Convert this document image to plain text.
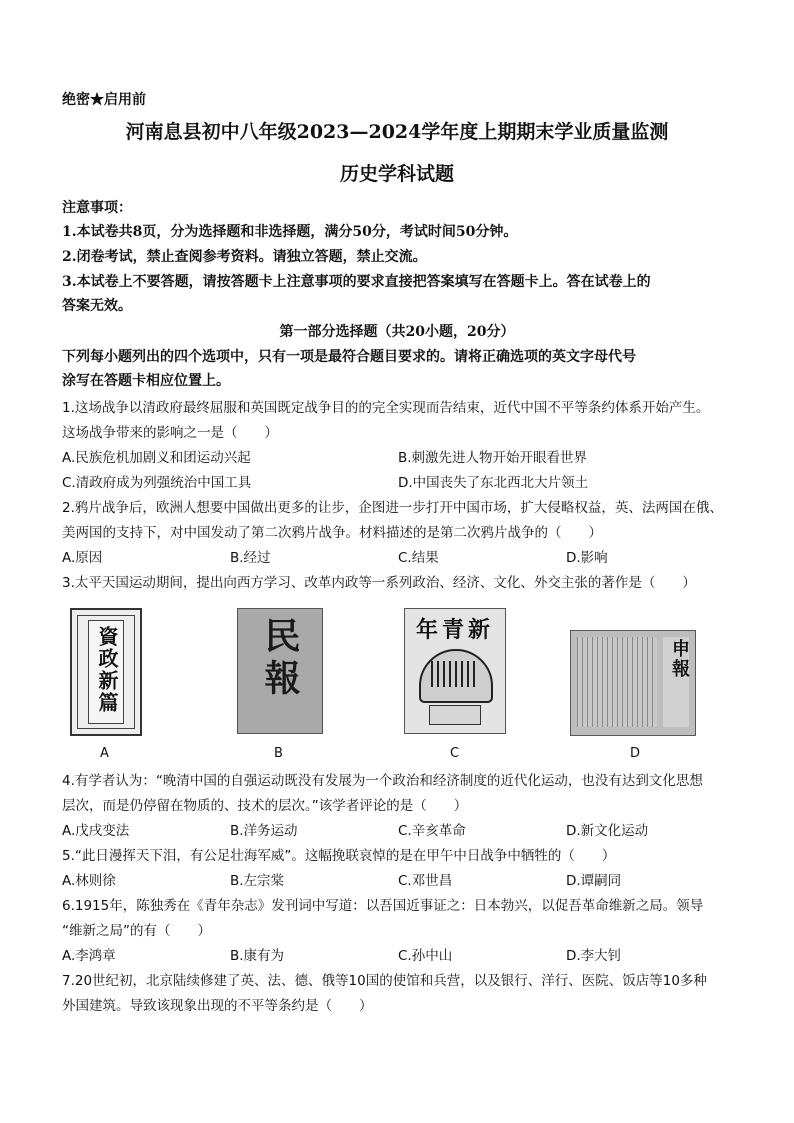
绝密★启用前
河南息县初中八年级2023—2024学年度上期期末学业质量监测
历史学科试题
注意事项：
1.本试卷共8页，分为选择题和非选择题，满分50分，考试时间50分钟。
2.闭卷考试，禁止查阅参考资料。请独立答题，禁止交流。
3.本试卷上不要答题，请按答题卡上注意事项的要求直接把答案填写在答题卡上。答在试卷上的
答案无效。
第一部分选择题（共20小题，20分）
下列每小题列出的四个选项中，只有一项是最符合题目要求的。请将正确选项的英文字母代号
涂写在答题卡相应位置上。
1.这场战争以清政府最终屈服和英国既定战争目的的完全实现而告结束，近代中国不平等条约体系开始产生。
这场战争带来的影响之一是（　　）
A.民族危机加剧义和团运动兴起	B.刺激先进人物开始开眼看世界
C.清政府成为列强统治中国工具	D.中国丧失了东北西北大片领土
2.鸦片战争后，欧洲人想要中国做出更多的让步，企图进一步打开中国市场，扩大侵略权益，英、法两国在俄、
美两国的支持下，对中国发动了第二次鸦片战争。材料描述的是第二次鸦片战争的（　　）
A.原因	B.经过	C.结果	D.影响
3.太平天国运动期间，提出向西方学习、改革内政等一系列政治、经济、文化、外交主张的著作是（　　）
資政新篇
A
民報
B
年青新
C
申報
D
4.有学者认为：“晚清中国的自强运动既没有发展为一个政治和经济制度的近代化运动，也没有达到文化思想
层次，而是仍停留在物质的、技术的层次。”该学者评论的是（　　）
A.戊戌变法	B.洋务运动	C.辛亥革命	D.新文化运动
5.“此日漫挥天下泪，有公足壮海军威”。这幅挽联哀悼的是在甲午中日战争中牺牲的（　　）
A.林则徐	B.左宗棠	C.邓世昌	D.谭嗣同
6.1915年，陈独秀在《青年杂志》发刊词中写道：以吾国近事证之：日本勃兴，以促吾革命维新之局。领导
“维新之局”的有（　　）
A.李鸿章	B.康有为	C.孙中山	D.李大钊
7.20世纪初，北京陆续修建了英、法、德、俄等10国的使馆和兵营，以及银行、洋行、医院、饭店等10多种
外国建筑。导致该现象出现的不平等条约是（　　）
